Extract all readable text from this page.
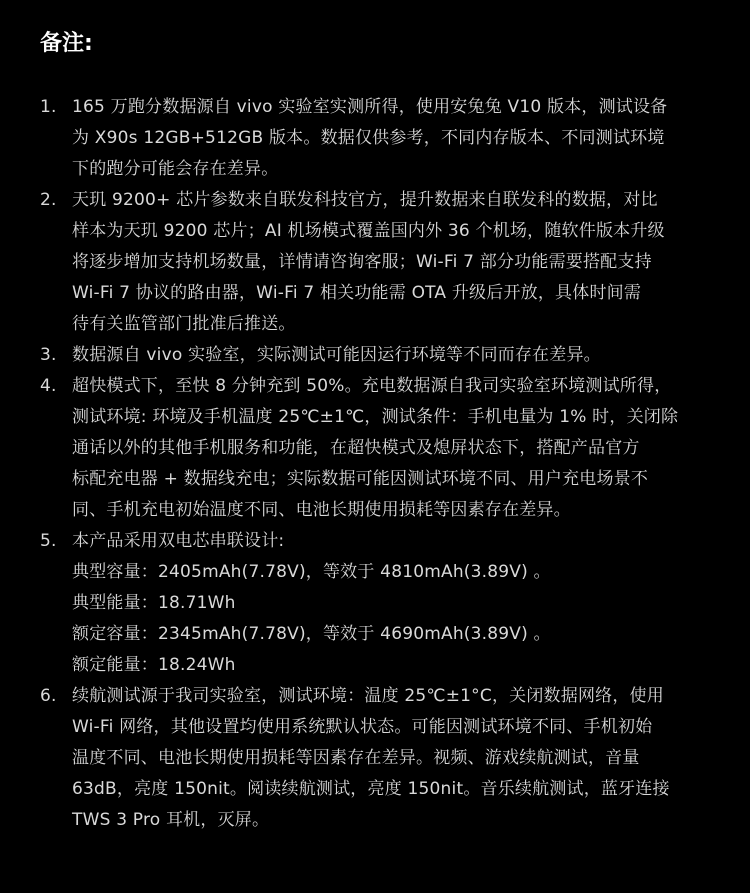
备注:
1. 165 万跑分数据源自 vivo 实验室实测所得，使用安兔兔 V10 版本，测试设备
为 X90s 12GB+512GB 版本。数据仅供参考，不同内存版本、不同测试环境
下的跑分可能会存在差异。
2. 天玑 9200+ 芯片参数来自联发科技官方，提升数据来自联发科的数据，对比
样本为天玑 9200 芯片；AI 机场模式覆盖国内外 36 个机场，随软件版本升级
将逐步增加支持机场数量，详情请咨询客服；Wi-Fi 7 部分功能需要搭配支持
Wi-Fi 7 协议的路由器，Wi-Fi 7 相关功能需 OTA 升级后开放，具体时间需
待有关监管部门批准后推送。
3. 数据源自 vivo 实验室，实际测试可能因运行环境等不同而存在差异。
4. 超快模式下，至快 8 分钟充到 50%。充电数据源自我司实验室环境测试所得，
测试环境: 环境及手机温度 25℃±1℃，测试条件：手机电量为 1% 时，关闭除
通话以外的其他手机服务和功能，在超快模式及熄屏状态下，搭配产品官方
标配充电器 + 数据线充电；实际数据可能因测试环境不同、用户充电场景不
同、手机充电初始温度不同、电池长期使用损耗等因素存在差异。
5. 本产品采用双电芯串联设计:
典型容量：2405mAh(7.78V)，等效于 4810mAh(3.89V) 。
典型能量：18.71Wh
额定容量：2345mAh(7.78V)，等效于 4690mAh(3.89V) 。
额定能量：18.24Wh
6. 续航测试源于我司实验室，测试环境：温度 25℃±1°C，关闭数据网络，使用
Wi-Fi 网络，其他设置均使用系统默认状态。可能因测试环境不同、手机初始
温度不同、电池长期使用损耗等因素存在差异。视频、游戏续航测试，音量
63dB，亮度 150nit。阅读续航测试，亮度 150nit。音乐续航测试，蓝牙连接
TWS 3 Pro 耳机，灭屏。
